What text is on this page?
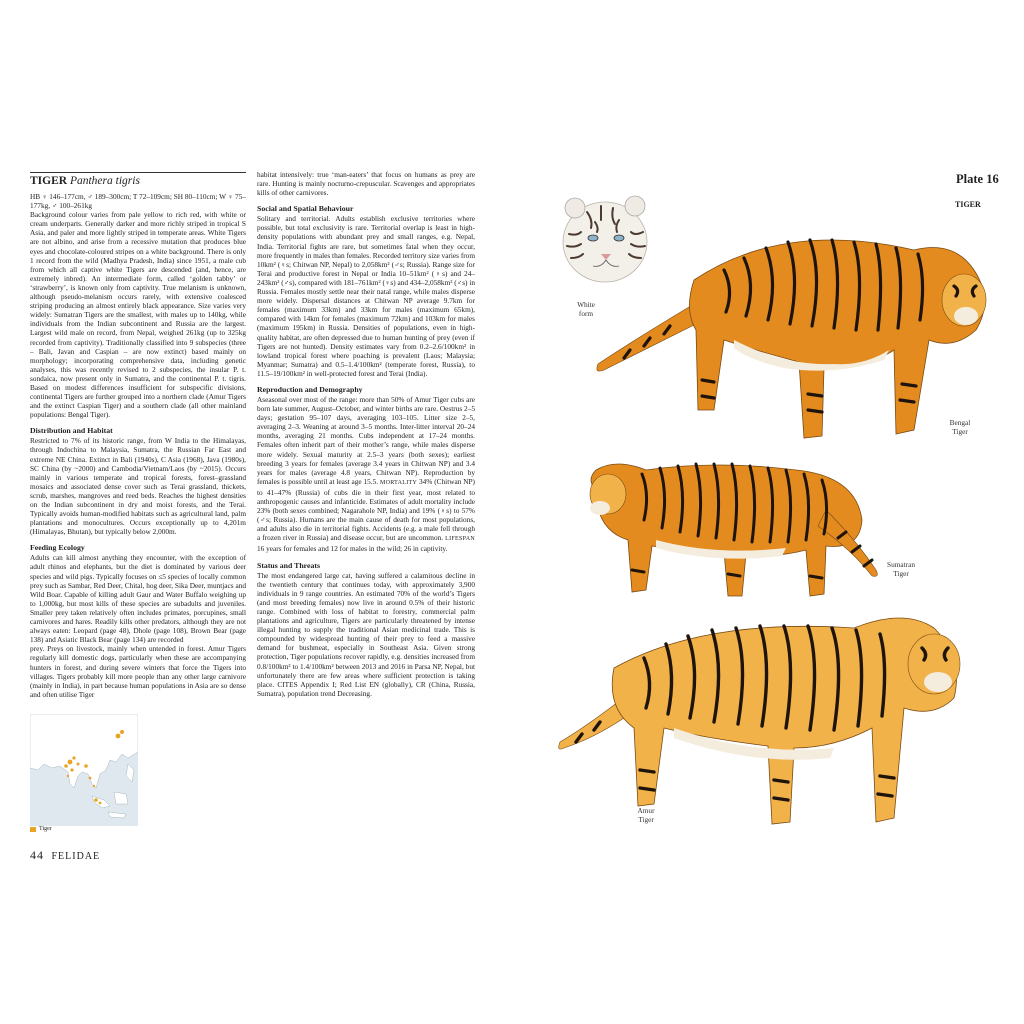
TIGER Panthera tigris

HB ♀ 146–177cm, ♂ 189–300cm; T 72–109cm; SH 80–110cm; W ♀ 75–177kg, ♂ 100–261kg

Background colour varies from pale yellow to rich red, with white or cream underparts. Generally darker and more richly striped in tropical S Asia, and paler and more lightly striped in temperate areas. White Tigers are not albino, and arise from a recessive mutation that produces blue eyes and chocolate-coloured stripes on a white background. There is only 1 record from the wild (Madhya Pradesh, India) since 1951, a male cub from which all captive white Tigers are descended (and, hence, are extremely inbred). An intermediate form, called ‘golden tabby’ or ‘strawberry’, is known only from captivity. True melanism is unknown, although pseudo-melanism occurs rarely, with extensive coalesced striping producing an almost entirely black appearance. Size varies very widely: Sumatran Tigers are the smallest, with males up to 140kg, while individuals from the Indian subcontinent and Russia are the largest. Largest wild male on record, from Nepal, weighed 261kg (up to 325kg recorded from captivity). Traditionally classified into 9 subspecies (three – Bali, Javan and Caspian – are now extinct) based mainly on morphology; incorporating comprehensive data, including genetic analyses, this was recently revised to 2 subspecies, the insular P. t. sondaica, now present only in Sumatra, and the continental P. t. tigris. Based on modest differences insufficient for subspecific divisions, continental Tigers are further grouped into a northern clade (Amur Tigers and the extinct Caspian Tiger) and a southern clade (all other mainland populations: Bengal Tiger).

Distribution and Habitat

Restricted to 7% of its historic range, from W India to the Himalayas, through Indochina to Malaysia, Sumatra, the Russian Far East and extreme NE China. Extinct in Bali (1940s), C Asia (1968), Java (1980s), SC China (by ~2000) and Cambodia/Vietnam/Laos (by ~2015). Occurs mainly in various temperate and tropical forests, forest–grassland mosaics and associated dense cover such as Terai grassland, thickets, scrub, marshes, mangroves and reed beds. Reaches the highest densities on the Indian subcontinent in dry and moist forests, and the Terai. Typically avoids human-modified habitats such as agricultural land, palm plantations and monocultures. Occurs exceptionally up to 4,201m (Himalayas, Bhutan), but typically below 2,000m.

Feeding Ecology

Adults can kill almost anything they encounter, with the exception of adult rhinos and elephants, but the diet is dominated by various deer species and wild pigs. Typically focuses on ≤5 species of locally common prey such as Sambar, Red Deer, Chital, hog deer, Sika Deer, muntjacs and Wild Boar. Capable of killing adult Gaur and Water Buffalo weighing up to 1,000kg, but most kills of these species are subadults and juveniles. Smaller prey taken relatively often includes primates, porcupines, small carnivores and hares. Readily kills other predators, although they are not always eaten: Leopard (page 48), Dhole (page 108), Brown Bear (page 138) and Asiatic Black Bear (page 134) are recorded

prey. Preys on livestock, mainly when untended in forest. Amur Tigers regularly kill domestic dogs, particularly when these are accompanying hunters in forest, and during severe winters that force the Tigers into villages. Tigers probably kill more people than any other large carnivore (mainly in India), in part because human populations in Asia are so dense and often utilise Tiger

habitat intensively: true ‘man-eaters’ that focus on humans as prey are rare. Hunting is mainly nocturno-crepuscular. Scavenges and appropriates kills of other carnivores.

Social and Spatial Behaviour

Solitary and territorial. Adults establish exclusive territories where possible, but total exclusivity is rare. Territorial overlap is least in high-density populations with abundant prey and small ranges, e.g. Nepal, India. Territorial fights are rare, but sometimes fatal when they occur, more frequently in males than females. Recorded territory size varies from 10km² (♀s; Chitwan NP, Nepal) to 2,058km² (♂s; Russia). Range size for Terai and productive forest in Nepal or India 10–51km² (♀s) and 24–243km² (♂s), compared with 181–761km² (♀s) and 434–2,058km² (♂s) in Russia. Females mostly settle near their natal range, while males disperse more widely. Dispersal distances at Chitwan NP average 9.7km for females (maximum 33km) and 33km for males (maximum 65km), compared with 14km for females (maximum 72km) and 103km for males (maximum 195km) in Russia. Densities of populations, even in high-quality habitat, are often depressed due to human hunting of prey (even if Tigers are not hunted). Density estimates vary from 0.2–2.6/100km² in lowland tropical forest where poaching is prevalent (Laos; Malaysia; Myanmar; Sumatra) and 0.5–1.4/100km² (temperate forest, Russia), to 11.5–19/100km² in well-protected forest and Terai (India).

Reproduction and Demography

Aseasonal over most of the range: more than 50% of Amur Tiger cubs are born late summer, August–October, and winter births are rare. Oestrus 2–5 days; gestation 95–107 days, averaging 103–105. Litter size 2–5, averaging 2–3. Weaning at around 3–5 months. Inter-litter interval 20–24 months, averaging 21 months. Cubs independent at 17–24 months. Females often inherit part of their mother’s range, while males disperse more widely. Sexual maturity at 2.5–3 years (both sexes); earliest breeding 3 years for females (average 3.4 years in Chitwan NP) and 3.4 years for males (average 4.8 years, Chitwan NP). Reproduction by females is possible until at least age 15.5. MORTALITY 34% (Chitwan NP) to 41–47% (Russia) of cubs die in their first year, most related to anthropogenic causes and infanticide. Estimates of adult mortality include 23% (both sexes combined; Nagarahole NP, India) and 19% (♀s) to 57% (♂s; Russia). Humans are the main cause of death for most populations, and adults also die in territorial fights. Accidents (e.g. a male fell through a frozen river in Russia) and disease occur, but are uncommon. LIFESPAN 16 years for females and 12 for males in the wild; 26 in captivity.

Status and Threats

The most endangered large cat, having suffered a calamitous decline in the twentieth century that continues today, with approximately 3,900 individuals in 9 range countries. An estimated 70% of the world’s Tigers (and most breeding females) now live in around 0.5% of their historic range. Combined with loss of habitat to forestry, commercial palm plantations and agriculture, Tigers are particularly threatened by intense illegal hunting to supply the traditional Asian medicinal trade. This is compounded by widespread hunting of their prey to feed a massive demand for bushmeat, especially in Southeast Asia. Given strong protection, Tiger populations recover rapidly, e.g. densities increased from 0.8/100km² to 1.4/100km² between 2013 and 2016 in Parsa NP, Nepal, but unfortunately there are few areas where sufficient protection is taking place. CITES Appendix I; Red List EN (globally), CR (China, Russia, Sumatra), population trend Decreasing.

Tiger
44 FELIDAE
Plate 16
TIGER
White
form
Bengal
Tiger
Sumatran
Tiger
Amur
Tiger
